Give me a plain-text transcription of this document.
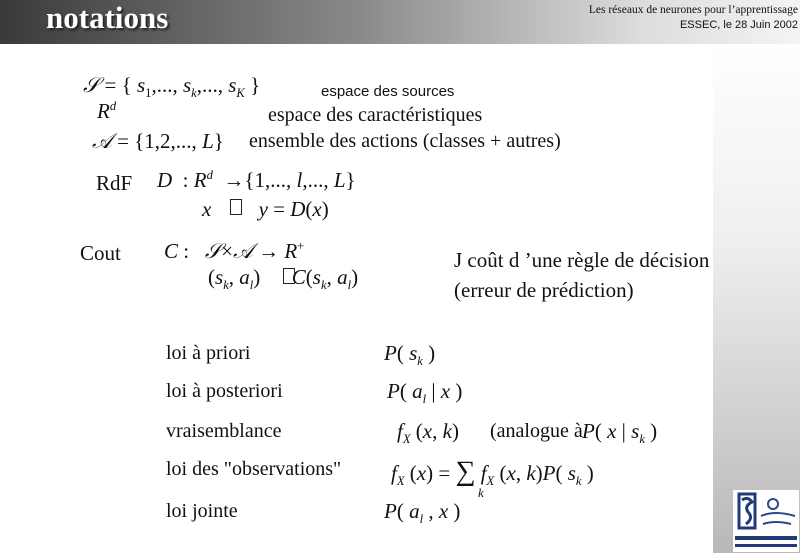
notations	Les réseaux de neurones pour l’apprentissage
ESSEC, le 28 Juin 2002
𝒮 = { $s_1$,..., $s_k$,..., $s_K$ }	espace des sources
$R^d$	espace des caractéristiques
𝒜 = {1,2,..., L} ensemble des actions (classes + autres)
RdF D  : $R^d \to\{1$,..., l,..., L}
x y = D(x)
Cout C :   𝒮×𝒜 → R+
($s_k$, $a_l$)      $C(s_k$, $a_l$)
J coût d ’une règle de décision
(erreur de prédiction)
loi à priori	P( $s_k$ )
loi à posteriori	P( $a_l$ | x )
vraisemblance	$f_X$ (x, k) (analogue à P( x | $s_k$ )
loi des "observations" $f_X$ (x) = ∑ $f_X$ (x, k)P( $s_k$ )
k
loi jointe	P( $a_l$ , x )
